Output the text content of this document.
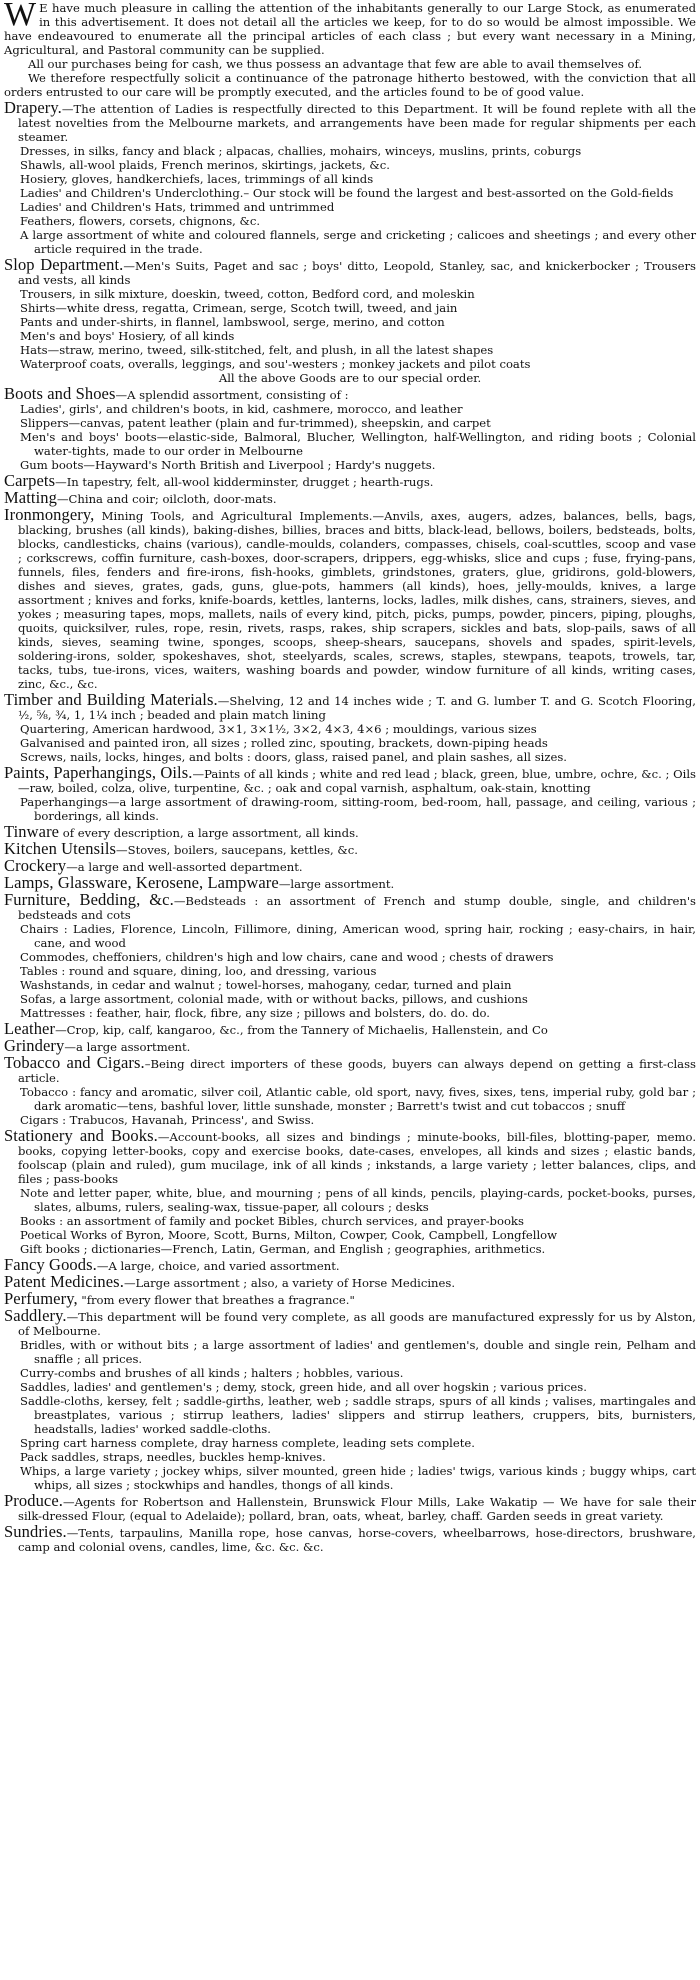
W E have much pleasure in calling the attention of the inhabitants generally to our Large Stock, as enumerated in this advertisement. It does not detail all the articles we keep, for to do so would be almost impossible. We have endeavoured to enumerate all the principal articles of each class ; but every want necessary in a Mining, Agricultural, and Pastoral community can be supplied.

All our purchases being for cash, we thus possess an advantage that few are able to avail themselves of.

We therefore respectfully solicit a continuance of the patronage hitherto bestowed, with the conviction that all orders entrusted to our care will be promptly executed, and the articles found to be of good value.

Drapery.—The attention of Ladies is respectfully directed to this Department. It will be found replete with all the latest novelties from the Melbourne markets, and arrangements have been made for regular shipments per each steamer.
Dresses, in silks, fancy and black ; alpacas, challies, mohairs, winceys, muslins, prints, coburgs
Shawls, all-wool plaids, French merinos, skirtings, jackets, &c.
Hosiery, gloves, handkerchiefs, laces, trimmings of all kinds
Ladies' and Children's Underclothing.– Our stock will be found the largest and best-assorted on the Gold-fields
Ladies' and Children's Hats, trimmed and untrimmed
Feathers, flowers, corsets, chignons, &c.
A large assortment of white and coloured flannels, serge and cricketing ; calicoes and sheetings ; and every other article required in the trade.
Slop Department.—Men's Suits, Paget and sac ; boys' ditto, Leopold, Stanley, sac, and knickerbocker ; Trousers and vests, all kinds
Trousers, in silk mixture, doeskin, tweed, cotton, Bedford cord, and moleskin
Shirts—white dress, regatta, Crimean, serge, Scotch twill, tweed, and jain
Pants and under-shirts, in flannel, lambswool, serge, merino, and cotton
Men's and boys' Hosiery, of all kinds
Hats—straw, merino, tweed, silk-stitched, felt, and plush, in all the latest shapes
Waterproof coats, overalls, leggings, and sou'-westers ; monkey jackets and pilot coats
All the above Goods are to our special order.
Boots and Shoes—A splendid assortment, consisting of :
Ladies', girls', and children's boots, in kid, cashmere, morocco, and leather
Slippers—canvas, patent leather (plain and fur-trimmed), sheepskin, and carpet
Men's and boys' boots—elastic-side, Balmoral, Blucher, Wellington, half-Wellington, and riding boots ; Colonial water-tights, made to our order in Melbourne
Gum boots—Hayward's North British and Liverpool ; Hardy's nuggets.
Carpets—In tapestry, felt, all-wool kidderminster, drugget ; hearth-rugs.
Matting—China and coir; oilcloth, door-mats.
Ironmongery, Mining Tools, and Agricultural Implements.—Anvils, axes, augers, adzes, balances, bells, bags, blacking, brushes (all kinds), baking-dishes, billies, braces and bitts, black-lead, bellows, boilers, bedsteads, bolts, blocks, candlesticks, chains (various), candle-moulds, colanders, compasses, chisels, coal-scuttles, scoop and vase ; corkscrews, coffin furniture, cash-boxes, door-scrapers, drippers, egg-whisks, slice and cups ; fuse, frying-pans, funnels, files, fenders and fire-irons, fish-hooks, gimblets, grindstones, graters, glue, gridirons, gold-blowers, dishes and sieves, grates, gads, guns, glue-pots, hammers (all kinds), hoes, jelly-moulds, knives, a large assortment ; knives and forks, knife-boards, kettles, lanterns, locks, ladles, milk dishes, cans, strainers, sieves, and yokes ; measuring tapes, mops, mallets, nails of every kind, pitch, picks, pumps, powder, pincers, piping, ploughs, quoits, quicksilver, rules, rope, resin, rivets, rasps, rakes, ship scrapers, sickles and bats, slop-pails, saws of all kinds, sieves, seaming twine, sponges, scoops, sheep-shears, saucepans, shovels and spades, spirit-levels, soldering-irons, solder, spokeshaves, shot, steelyards, scales, screws, staples, stewpans, teapots, trowels, tar, tacks, tubs, tue-irons, vices, waiters, washing boards and powder, window furniture of all kinds, writing cases, zinc, &c., &c.
Timber and Building Materials.—Shelving, 12 and 14 inches wide ; T. and G. lumber T. and G. Scotch Flooring, ½, ⅝, ¾, 1, 1¼ inch ; beaded and plain match lining
Quartering, American hardwood, 3×1, 3×1½, 3×2, 4×3, 4×6 ; mouldings, various sizes
Galvanised and painted iron, all sizes ; rolled zinc, spouting, brackets, down-piping heads
Screws, nails, locks, hinges, and bolts : doors, glass, raised panel, and plain sashes, all sizes.
Paints, Paperhangings, Oils.—Paints of all kinds ; white and red lead ; black, green, blue, umbre, ochre, &c. ; Oils—raw, boiled, colza, olive, turpentine, &c. ; oak and copal varnish, asphaltum, oak-stain, knotting
Paperhangings—a large assortment of drawing-room, sitting-room, bed-room, hall, passage, and ceiling, various ; borderings, all kinds.
Tinware of every description, a large assortment, all kinds.
Kitchen Utensils—Stoves, boilers, saucepans, kettles, &c.
Crockery—a large and well-assorted department.
Lamps, Glassware, Kerosene, Lampware—large assortment.
Furniture, Bedding, &c.—Bedsteads : an assortment of French and stump double, single, and children's bedsteads and cots
Chairs : Ladies, Florence, Lincoln, Fillimore, dining, American wood, spring hair, rocking ; easy-chairs, in hair, cane, and wood
Commodes, cheffoniers, children's high and low chairs, cane and wood ; chests of drawers
Tables : round and square, dining, loo, and dressing, various
Washstands, in cedar and walnut ; towel-horses, mahogany, cedar, turned and plain
Sofas, a large assortment, colonial made, with or without backs, pillows, and cushions
Mattresses : feather, hair, flock, fibre, any size ; pillows and bolsters, do. do. do.
Leather—Crop, kip, calf, kangaroo, &c., from the Tannery of Michaelis, Hallenstein, and Co
Grindery—a large assortment.
Tobacco and Cigars.–Being direct importers of these goods, buyers can always depend on getting a first-class article.
Tobacco : fancy and aromatic, silver coil, Atlantic cable, old sport, navy, fives, sixes, tens, imperial ruby, gold bar ; dark aromatic—tens, bashful lover, little sunshade, monster ; Barrett's twist and cut tobaccos ; snuff
Cigars : Trabucos, Havanah, Princess', and Swiss.
Stationery and Books.—Account-books, all sizes and bindings ; minute-books, bill-files, blotting-paper, memo. books, copying letter-books, copy and exercise books, date-cases, envelopes, all kinds and sizes ; elastic bands, foolscap (plain and ruled), gum mucilage, ink of all kinds ; inkstands, a large variety ; letter balances, clips, and files ; pass-books
Note and letter paper, white, blue, and mourning ; pens of all kinds, pencils, playing-cards, pocket-books, purses, slates, albums, rulers, sealing-wax, tissue-paper, all colours ; desks
Books : an assortment of family and pocket Bibles, church services, and prayer-books
Poetical Works of Byron, Moore, Scott, Burns, Milton, Cowper, Cook, Campbell, Longfellow
Gift books ; dictionaries—French, Latin, German, and English ; geographies, arithmetics.
Fancy Goods.—A large, choice, and varied assortment.
Patent Medicines.—Large assortment ; also, a variety of Horse Medicines.
Perfumery, "from every flower that breathes a fragrance."
Saddlery.—This department will be found very complete, as all goods are manufactured expressly for us by Alston, of Melbourne.
Bridles, with or without bits ; a large assortment of ladies' and gentlemen's, double and single rein, Pelham and snaffle ; all prices.
Curry-combs and brushes of all kinds ; halters ; hobbles, various.
Saddles, ladies' and gentlemen's ; demy, stock, green hide, and all over hogskin ; various prices.
Saddle-cloths, kersey, felt ; saddle-girths, leather, web ; saddle straps, spurs of all kinds ; valises, martingales and breastplates, various ; stirrup leathers, ladies' slippers and stirrup leathers, cruppers, bits, burnisters, headstalls, ladies' worked saddle-cloths.
Spring cart harness complete, dray harness complete, leading sets complete.
Pack saddles, straps, needles, buckles hemp-knives.
Whips, a large variety ; jockey whips, silver mounted, green hide ; ladies' twigs, various kinds ; buggy whips, cart whips, all sizes ; stockwhips and handles, thongs of all kinds.
Produce.—Agents for Robertson and Hallenstein, Brunswick Flour Mills, Lake Wakatip — We have for sale their silk-dressed Flour, (equal to Adelaide); pollard, bran, oats, wheat, barley, chaff. Garden seeds in great variety.
Sundries.—Tents, tarpaulins, Manilla rope, hose canvas, horse-covers, wheelbarrows, hose-directors, brushware, camp and colonial ovens, candles, lime, &c. &c. &c.
